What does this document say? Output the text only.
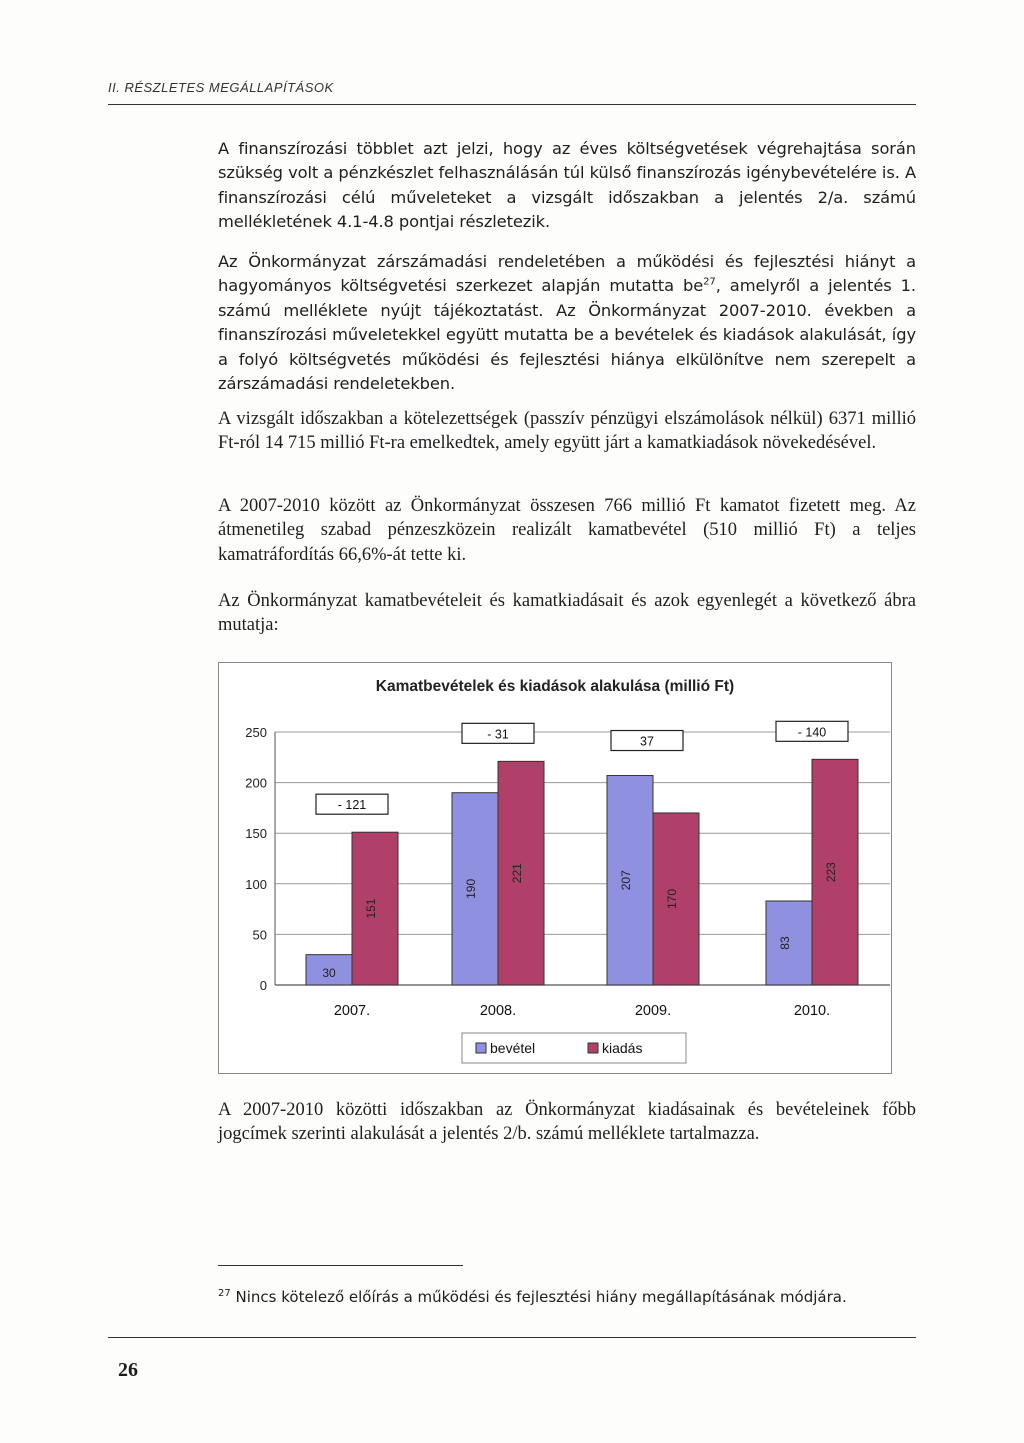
II. RÉSZLETES MEGÁLLAPÍTÁSOK

A finanszírozási többlet azt jelzi, hogy az éves költségvetések végrehajtása során szükség volt a pénzkészlet felhasználásán túl külső finanszírozás igénybevételére is. A finanszírozási célú műveleteket a vizsgált időszakban a jelentés 2/a. számú mellékletének 4.1-4.8 pontjai részletezik.

Az Önkormányzat zárszámadási rendeletében a működési és fejlesztési hiányt a hagyományos költségvetési szerkezet alapján mutatta $be^{27}$, amelyről a jelentés 1. számú melléklete nyújt tájékoztatást. Az Önkormányzat 2007-2010. években a finanszírozási műveletekkel együtt mutatta be a bevételek és kiadások alakulását, így a folyó költségvetés működési és fejlesztési hiánya elkülönítve nem szerepelt a zárszámadási rendeletekben.

A vizsgált időszakban a kötelezettségek (passzív pénzügyi elszámolások nélkül) 6371 millió Ft-ról 14 715 millió Ft-ra emelkedtek, amely együtt járt a kamatkiadások növekedésével.

A 2007-2010 között az Önkormányzat összesen 766 millió Ft kamatot fizetett meg. Az átmenetileg szabad pénzeszközein realizált kamatbevétel (510 millió Ft) a teljes kamatráfordítás 66,6%-át tette ki.

Az Önkormányzat kamatbevételeit és kamatkiadásait és azok egyenlegét a következő ábra mutatja:

Kamatbevételek és kiadások alakulása (millió Ft)
0
50
100
150
200
250
30
151
2007.
- 121
190
221
2008.
- 31
207
170
2009.
37
83
223
2010.
- 140
bevétel	kiadás

A 2007-2010 közötti időszakban az Önkormányzat kiadásainak és bevételeinek főbb jogcímek szerinti alakulását a jelentés 2/b. számú melléklete tartalmazza.

$^{27}$ Nincs kötelező előírás a működési és fejlesztési hiány megállapításának módjára.
26
